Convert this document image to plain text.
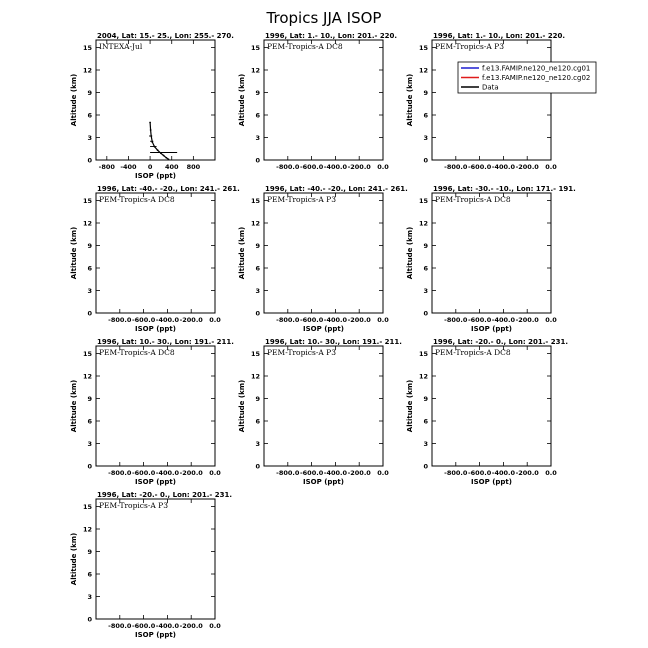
Tropics JJA ISOP
2004, Lat: 15.- 25., Lon: 255.- 270.
INTEXA-Jul
0
3
6
9
12
15
-800 -400 0 400 800
ISOP (ppt)
Altitude (km)
1996, Lat: 1.- 10., Lon: 201.- 220.
PEM-Tropics-A DC8
0
3
6
9
12
15
-800.0 -600.0 -400.0 -200.0 0.0
Altitude (km)
1996, Lat: 1.- 10., Lon: 201.- 220.
PEM-Tropics-A P3
0
3
6
9
12
15
-800.0 -600.0 -400.0 -200.0 0.0
Altitude (km)
1996, Lat: -40.- -20., Lon: 241.- 261.
PEM-Tropics-A DC8
0
3
6
9
12
15
-800.0 -600.0 -400.0 -200.0 0.0
ISOP (ppt)
Altitude (km)
1996, Lat: -40.- -20., Lon: 241.- 261.
PEM-Tropics-A P3
0
3
6
9
12
15
-800.0 -600.0 -400.0 -200.0 0.0
ISOP (ppt)
Altitude (km)
1996, Lat: -30.- -10., Lon: 171.- 191.
PEM-Tropics-A DC8
0
3
6
9
12
15
-800.0 -600.0 -400.0 -200.0 0.0
ISOP (ppt)
Altitude (km)
1996, Lat: 10.- 30., Lon: 191.- 211.
PEM-Tropics-A DC8
0
3
6
9
12
15
-800.0 -600.0 -400.0 -200.0 0.0
ISOP (ppt)
Altitude (km)
1996, Lat: 10.- 30., Lon: 191.- 211.
PEM-Tropics-A P3
0
3
6
9
12
15
-800.0 -600.0 -400.0 -200.0 0.0
ISOP (ppt)
Altitude (km)
1996, Lat: -20.- 0., Lon: 201.- 231.
PEM-Tropics-A DC8
0
3
6
9
12
15
-800.0 -600.0 -400.0 -200.0 0.0
ISOP (ppt)
Altitude (km)
1996, Lat: -20.- 0., Lon: 201.- 231.
PEM-Tropics-A P3
0
3
6
9
12
15
-800.0 -600.0 -400.0 -200.0 0.0
ISOP (ppt)
Altitude (km)
f.e13.FAMIP.ne120_ne120.cg01
f.e13.FAMIP.ne120_ne120.cg02
Data
